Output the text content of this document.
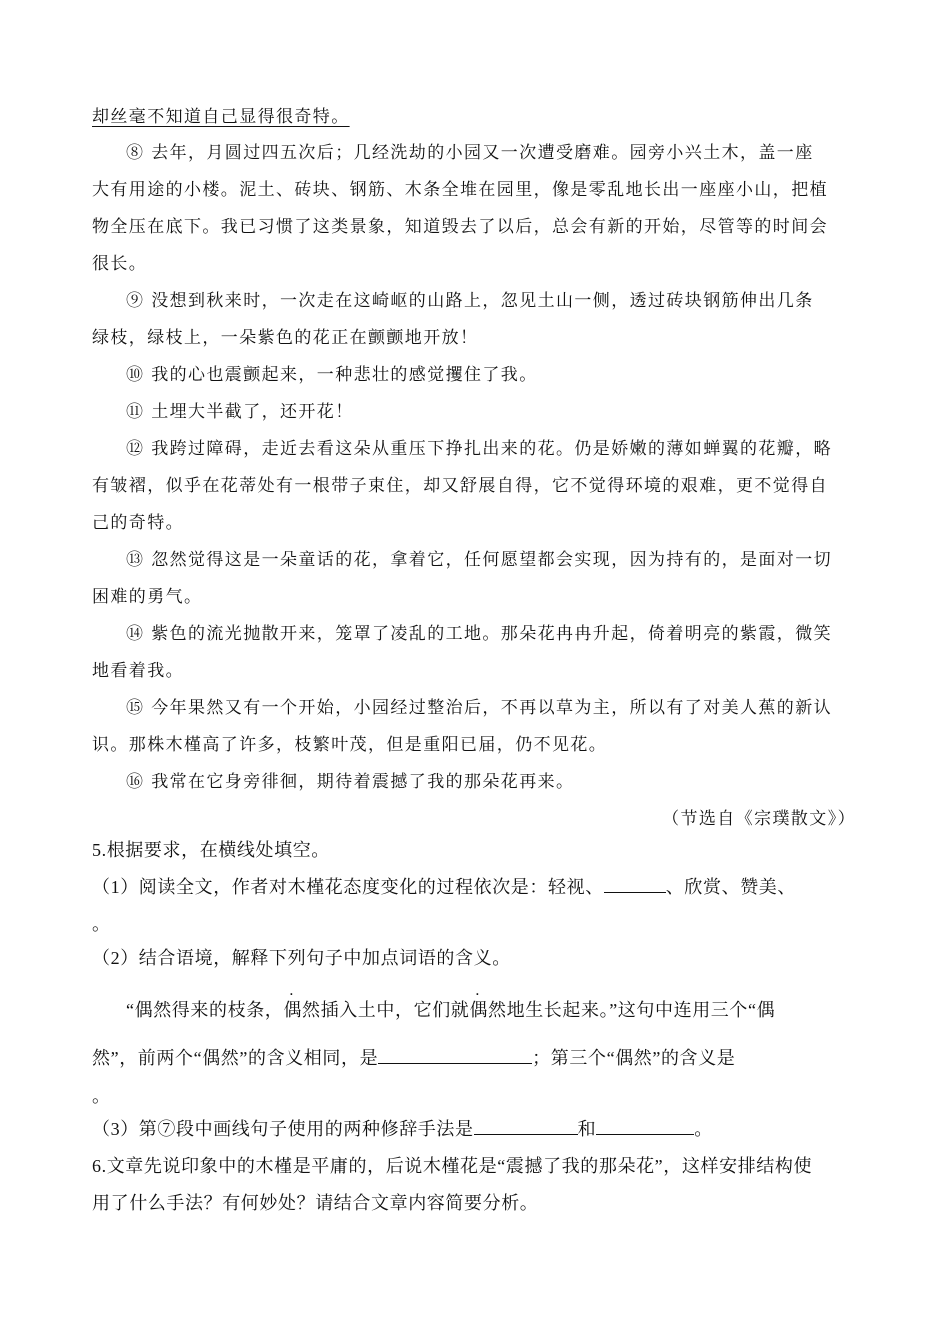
却丝毫不知道自己显得很奇特。
⑧ 去年，月圆过四五次后；几经洗劫的小园又一次遭受磨难。园旁小兴土木，盖一座
大有用途的小楼。泥土、砖块、钢筋、木条全堆在园里，像是零乱地长出一座座小山，把植
物全压在底下。我已习惯了这类景象，知道毁去了以后，总会有新的开始，尽管等的时间会
很长。
⑨ 没想到秋来时，一次走在这崎岖的山路上，忽见土山一侧，透过砖块钢筋伸出几条
绿枝，绿枝上，一朵紫色的花正在颤颤地开放！
⑩ 我的心也震颤起来，一种悲壮的感觉攫住了我。
⑪ 土埋大半截了，还开花！
⑫ 我跨过障碍，走近去看这朵从重压下挣扎出来的花。仍是娇嫩的薄如蝉翼的花瓣，略
有皱褶，似乎在花蒂处有一根带子束住，却又舒展自得，它不觉得环境的艰难，更不觉得自
己的奇特。
⑬ 忽然觉得这是一朵童话的花，拿着它，任何愿望都会实现，因为持有的，是面对一切
困难的勇气。
⑭ 紫色的流光抛散开来，笼罩了凌乱的工地。那朵花冉冉升起，倚着明亮的紫霞，微笑
地看着我。
⑮ 今年果然又有一个开始，小园经过整治后，不再以草为主，所以有了对美人蕉的新认
识。那株木槿高了许多，枝繁叶茂，但是重阳已届，仍不见花。
⑯ 我常在它身旁徘徊，期待着震撼了我的那朵花再来。
（节选自《宗璞散文》）
5.根据要求，在横线处填空。
（1）阅读全文，作者对木槿花态度变化的过程依次是：轻视、	、欣赏、赞美、
。
（2）结合语境，解释下列句子中加点词语的含义。
“偶然得来的枝条，偶然插入土中，它们就偶然地生长起来。”这句中连用三个“偶
然”，前两个“偶然”的含义相同，是	；第三个“偶然”的含义是
。
（3）第⑦段中画线句子使用的两种修辞手法是	和	。
6.文章先说印象中的木槿是平庸的，后说木槿花是“震撼了我的那朵花”，这样安排结构使
用了什么手法？有何妙处？请结合文章内容简要分析。
